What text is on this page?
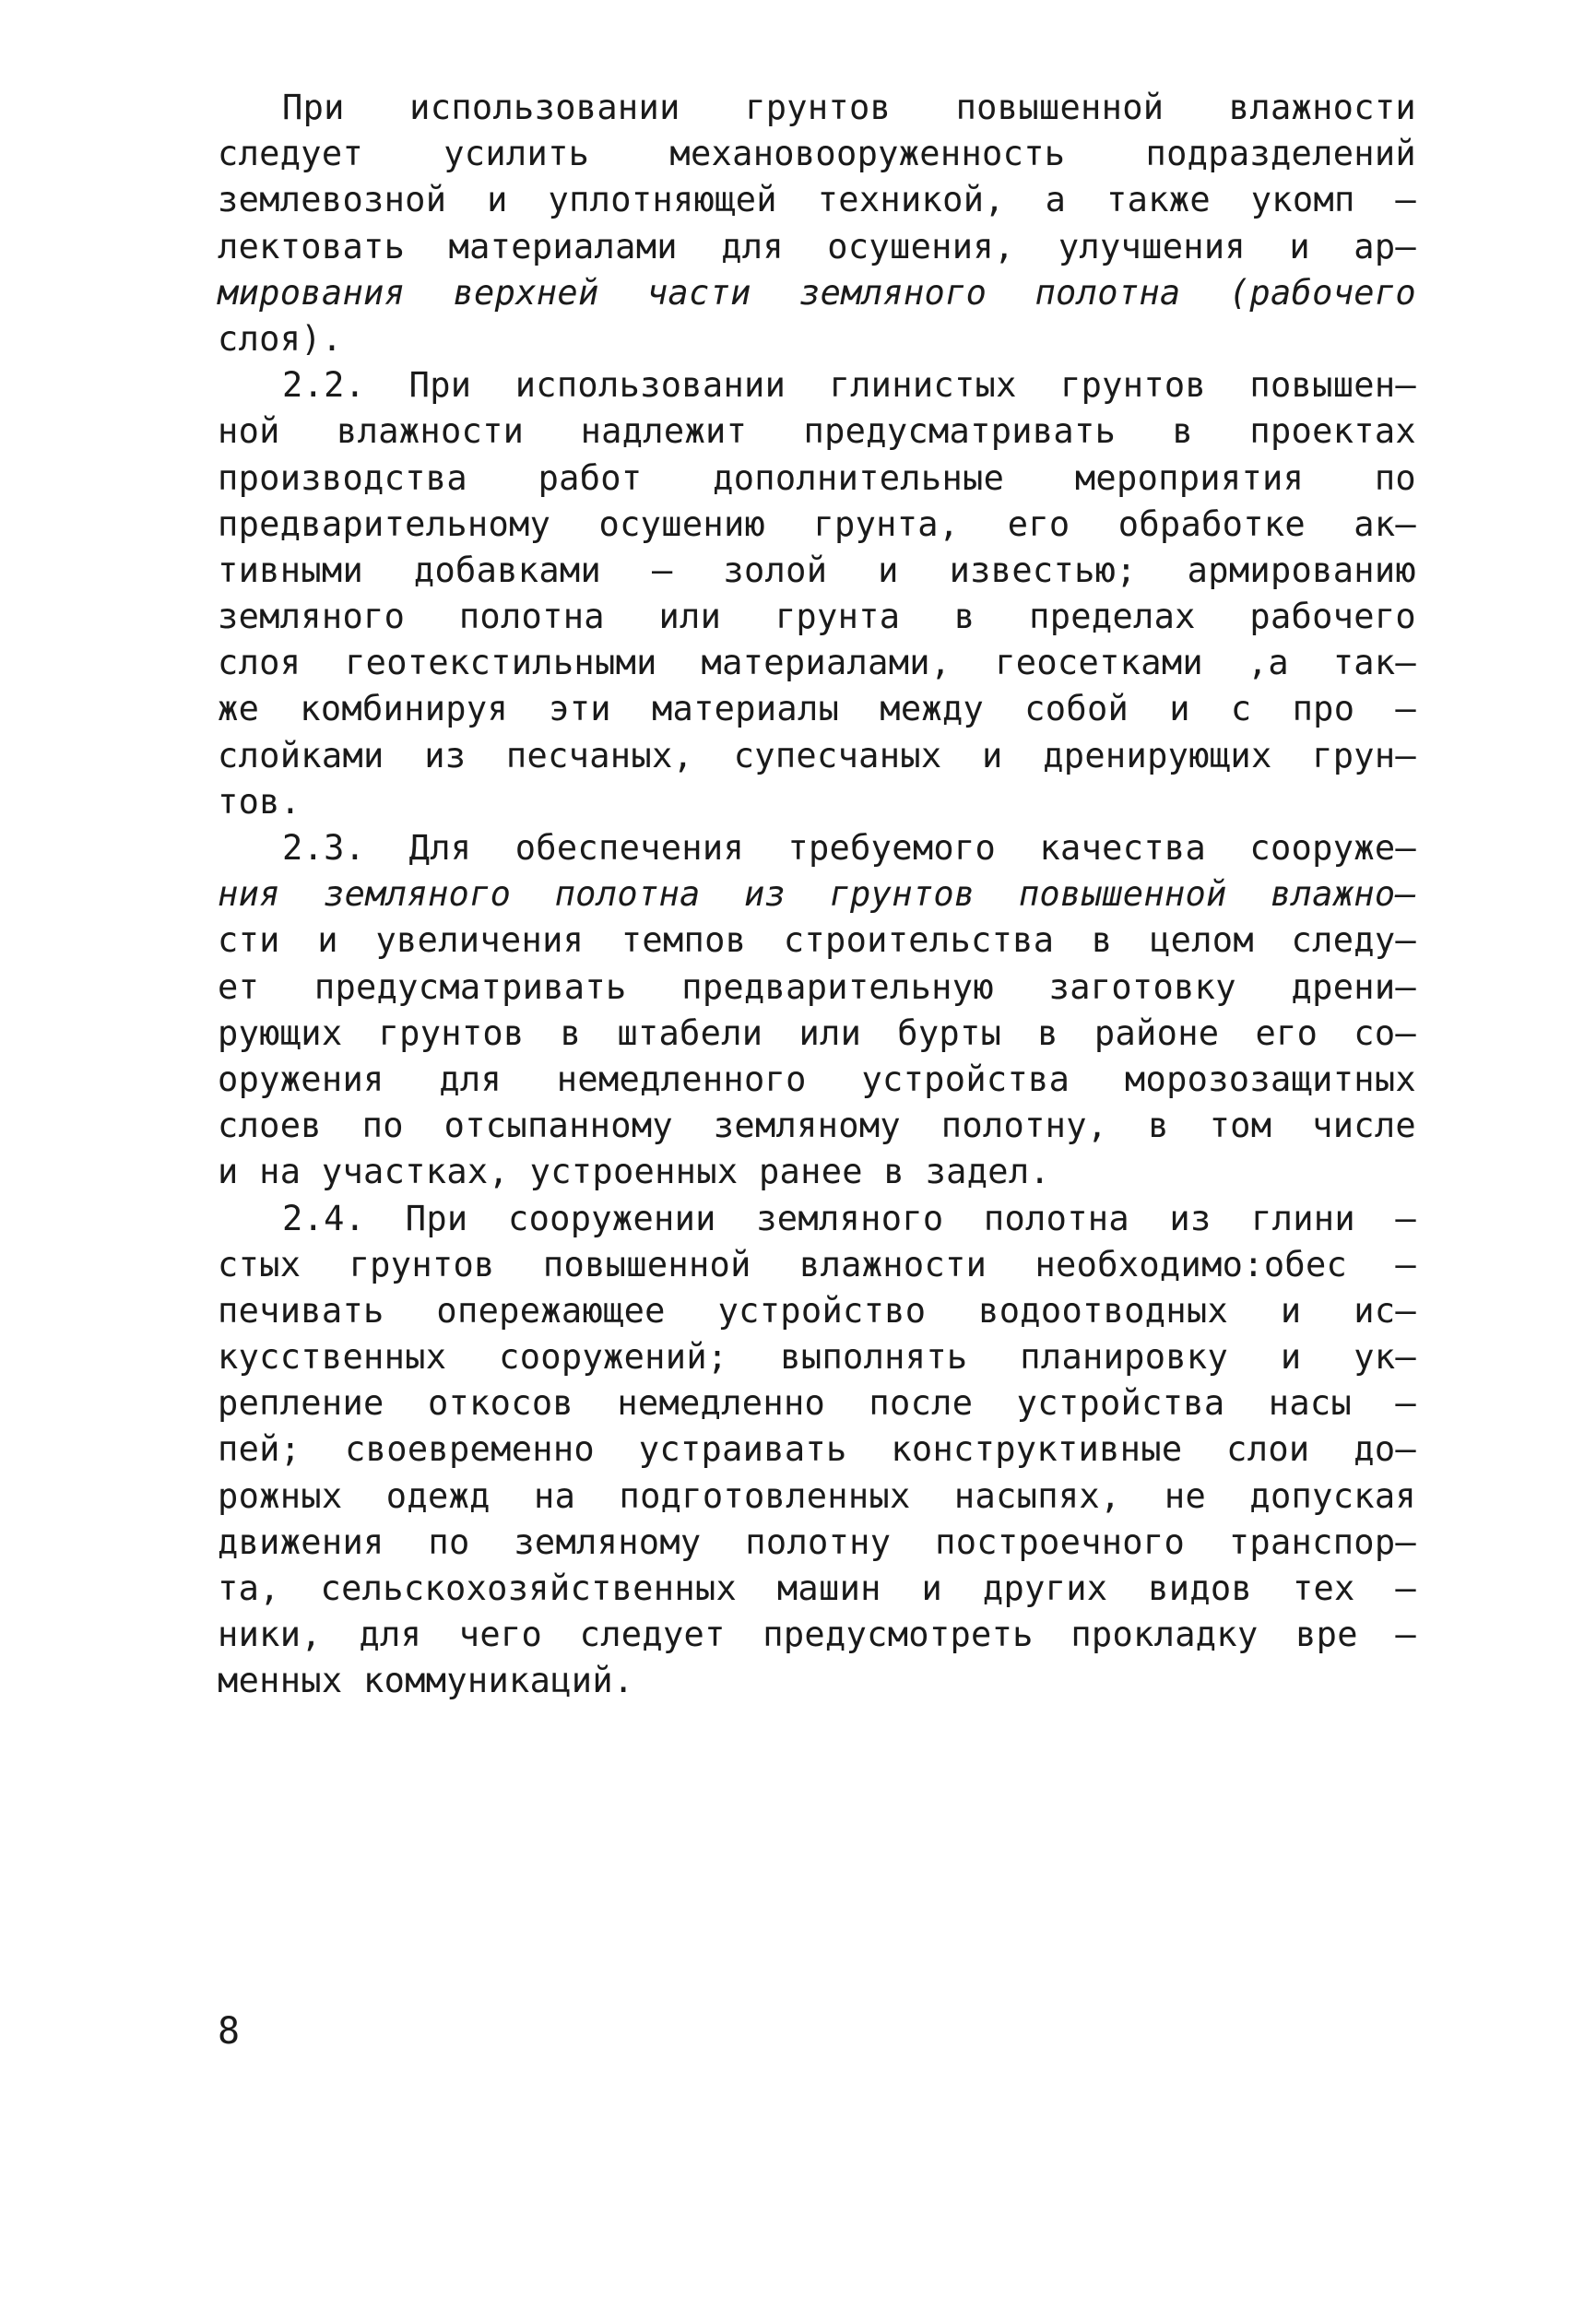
При использовании грунтов повышенной влажности
следует усилить механовооруженность подразделений
землевозной и уплотняющей техникой, а также укомп –
лектовать материалами для осушения, улучшения и ар–
мирования верхней части земляного полотна (рабочего
слоя).
2.2. При использовании глинистых грунтов повышен–
ной влажности надлежит предусматривать в проектах
производства работ дополнительные мероприятия по
предварительному осушению грунта, его обработке ак–
тивными добавками – золой и известью; армированию
земляного полотна или грунта в пределах рабочего
слоя геотекстильными материалами, геосетками ,а так–
же комбинируя эти материалы между собой и с про –
слойками из песчаных, супесчаных и дренирующих грун–
тов.
2.3. Для обеспечения требуемого качества сооруже–
ния земляного полотна из грунтов повышенной влажно–
сти и увеличения темпов строительства в целом следу–
ет предусматривать предварительную заготовку дрени–
рующих грунтов в штабели или бурты в районе его со–
оружения для немедленного устройства морозозащитных
слоев по отсыпанному земляному полотну, в том числе
и на участках, устроенных ранее в задел.
2.4. При сооружении земляного полотна из глини –
стых грунтов повышенной влажности необходимо:обес –
печивать опережающее устройство водоотводных и ис–
кусственных сооружений; выполнять планировку и ук–
репление откосов немедленно после устройства насы –
пей; своевременно устраивать конструктивные слои до–
рожных одежд на подготовленных насыпях, не допуская
движения по земляному полотну построечного транспор–
та, сельскохозяйственных машин и других видов тех –
ники, для чего следует предусмотреть прокладку вре –
менных коммуникаций.
8
